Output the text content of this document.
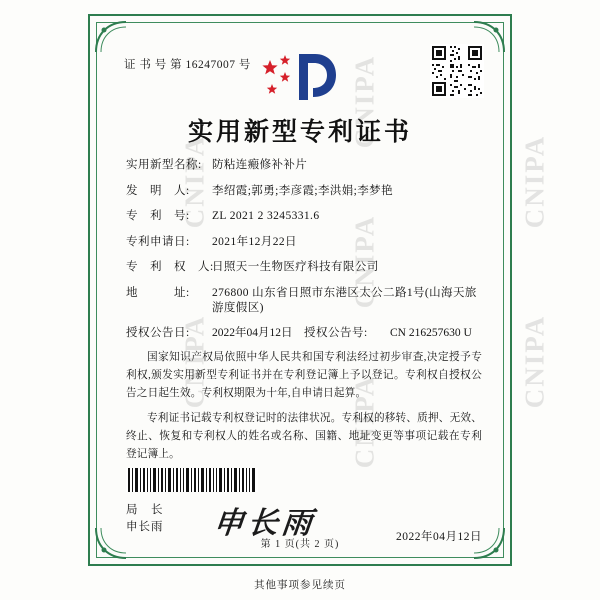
CNIPA
CNIPA
CNIPA
CNIPA
CNIPA
CNIPA
CNIPA
证 书 号 第 16247007 号
实用新型专利证书
实用新型名称: 防粘连瘢修补补片
发　明　人:	李绍霞;郭勇;李彦霞;李洪娟;李梦艳
专　利　号:	ZL 2021 2 3245331.6
专利申请日:	2021年12月22日
专　利　权　人:
日照天一生物医疗科技有限公司
地　　　址:	276800 山东省日照市东港区太公二路1号(山海天旅游度假区)
授权公告日:	2022年04月12日	授权公告号:	CN 216257630 U

国家知识产权局依照中华人民共和国专利法经过初步审查,决定授予专利权,颁发实用新型专利证书并在专利登记簿上予以登记。专利权自授权公告之日起生效。专利权期限为十年,自申请日起算。

专利证书记载专利权登记时的法律状况。专利权的移转、质押、无效、终止、恢复和专利权人的姓名或名称、国籍、地址变更等事项记载在专利登记簿上。

局　长
申长雨 申长雨	2022年04月12日
第 1 页(共 2 页)
其他事项参见续页
